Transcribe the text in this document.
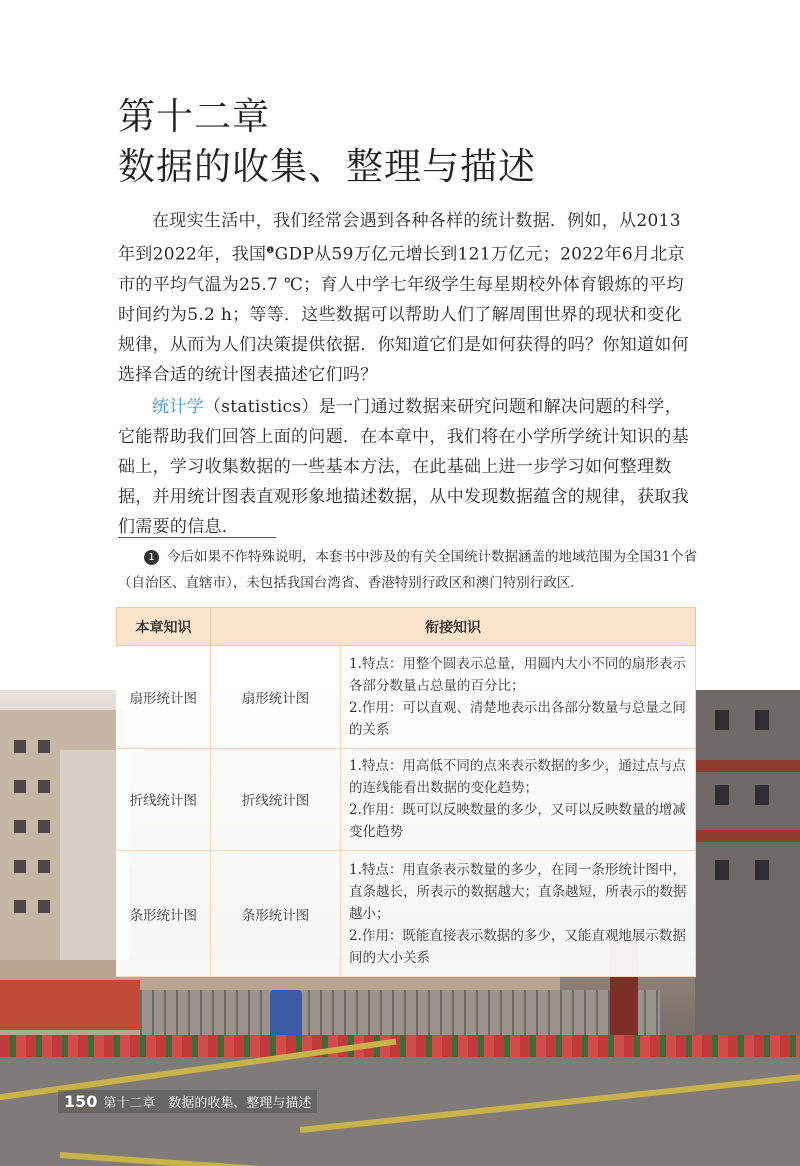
第十二章
数据的收集、整理与描述

在现实生活中，我们经常会遇到各种各样的统计数据．例如，从2013年到2022年，我国$^❶$GDP从59万亿元增长到121万亿元；2022年6月北京市的平均气温为25.7 ℃；育人中学七年级学生每星期校外体育锻炼的平均时间约为5.2 h；等等．这些数据可以帮助人们了解周围世界的现状和变化规律，从而为人们决策提供依据．你知道它们是如何获得的吗？你知道如何选择合适的统计图表描述它们吗？

统计学（statistics）是一门通过数据来研究问题和解决问题的科学，它能帮助我们回答上面的问题．在本章中，我们将在小学所学统计知识的基础上，学习收集数据的一些基本方法，在此基础上进一步学习如何整理数据，并用统计图表直观形象地描述数据，从中发现数据蕴含的规律，获取我们需要的信息．

1 今后如果不作特殊说明，本套书中涉及的有关全国统计数据涵盖的地域范围为全国31个省（自治区、直辖市），未包括我国台湾省、香港特别行政区和澳门特别行政区．

本章知识	衔接知识	
扇形统计图	扇形统计图	1.特点：用整个圆表示总量，用圆内大小不同的扇形表示各部分数量占总量的百分比；
2.作用：可以直观、清楚地表示出各部分数量与总量之间的关系

折线统计图	折线统计图	1.特点：用高低不同的点来表示数据的多少，通过点与点的连线能看出数据的变化趋势；
2.作用：既可以反映数量的多少，又可以反映数量的增减变化趋势

条形统计图	条形统计图	1.特点：用直条表示数量的多少，在同一条形统计图中，直条越长，所表示的数据越大；直条越短，所表示的数据越小；
2.作用：既能直接表示数据的多少，又能直观地展示数据间的大小关系
150 第十二章　数据的收集、整理与描述
